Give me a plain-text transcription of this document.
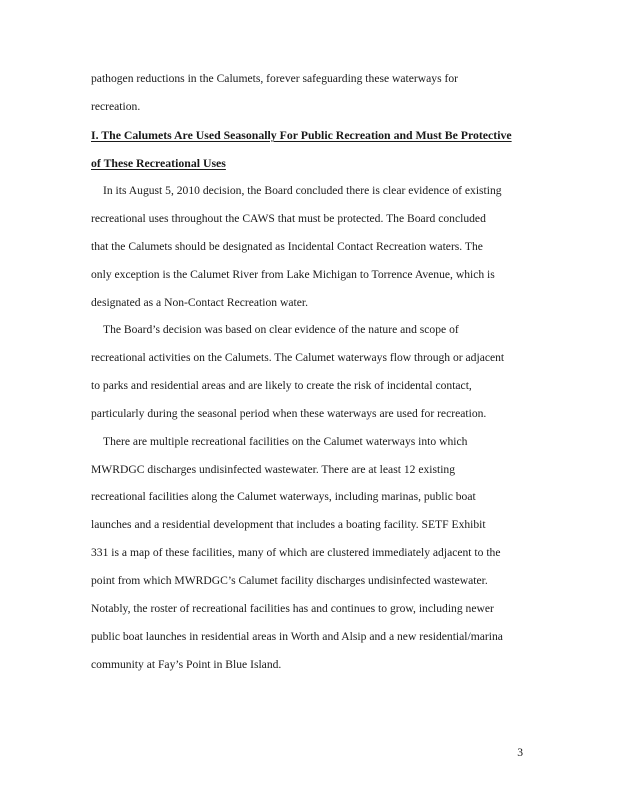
pathogen reductions in the Calumets, forever safeguarding these waterways for
recreation.
I. The Calumets Are Used Seasonally For Public Recreation and Must Be Protective
of These Recreational Uses
In its August 5, 2010 decision, the Board concluded there is clear evidence of existing
recreational uses throughout the CAWS that must be protected. The Board concluded
that the Calumets should be designated as Incidental Contact Recreation waters. The
only exception is the Calumet River from Lake Michigan to Torrence Avenue, which is
designated as a Non-Contact Recreation water.
The Board’s decision was based on clear evidence of the nature and scope of
recreational activities on the Calumets. The Calumet waterways flow through or adjacent
to parks and residential areas and are likely to create the risk of incidental contact,
particularly during the seasonal period when these waterways are used for recreation.
There are multiple recreational facilities on the Calumet waterways into which
MWRDGC discharges undisinfected wastewater. There are at least 12 existing
recreational facilities along the Calumet waterways, including marinas, public boat
launches and a residential development that includes a boating facility. SETF Exhibit
331 is a map of these facilities, many of which are clustered immediately adjacent to the
point from which MWRDGC’s Calumet facility discharges undisinfected wastewater.
Notably, the roster of recreational facilities has and continues to grow, including newer
public boat launches in residential areas in Worth and Alsip and a new residential/marina
community at Fay’s Point in Blue Island.
3
